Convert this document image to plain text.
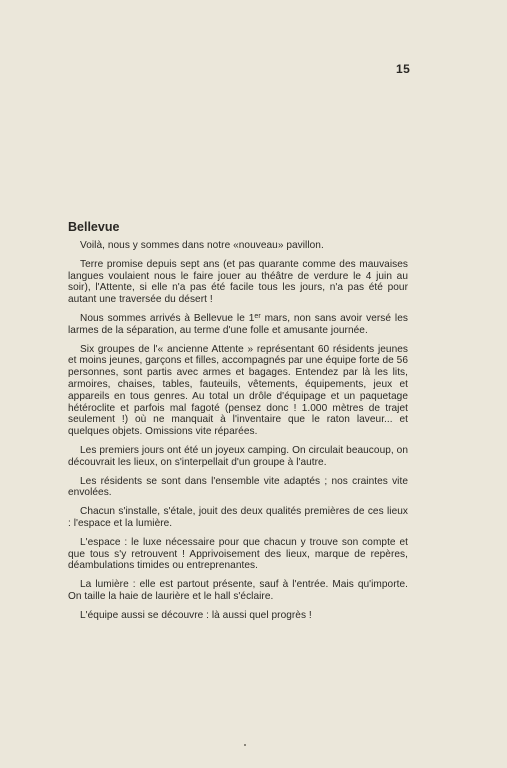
15
Bellevue

Voilà, nous y sommes dans notre «nouveau» pavillon.

Terre promise depuis sept ans (et pas quarante comme des mauvaises langues voulaient nous le faire jouer au théâtre de verdure le 4 juin au soir), l'Attente, si elle n'a pas été facile tous les jours, n'a pas été pour autant une traversée du désert !

Nous sommes arrivés à Bellevue le 1er mars, non sans avoir versé les larmes de la séparation, au terme d'une folle et amusante journée.

Six groupes de l'« ancienne Attente » représentant 60 résidents jeunes et moins jeunes, garçons et filles, accompagnés par une équipe forte de 56 personnes, sont partis avec armes et bagages. Entendez par là les lits, armoires, chaises, tables, fauteuils, vêtements, équipements, jeux et appareils en tous genres. Au total un drôle d'équipage et un paquetage hétéroclite et parfois mal fagoté (pensez donc ! 1.000 mètres de trajet seulement !) où ne manquait à l'inventaire que le raton laveur... et quelques objets. Omissions vite réparées.

Les premiers jours ont été un joyeux camping. On circulait beaucoup, on découvrait les lieux, on s'interpellait d'un groupe à l'autre.

Les résidents se sont dans l'ensemble vite adaptés ; nos craintes vite envolées.

Chacun s'installe, s'étale, jouit des deux qualités premières de ces lieux : l'espace et la lumière.

L'espace : le luxe nécessaire pour que chacun y trouve son compte et que tous s'y retrouvent ! Apprivoisement des lieux, marque de repères, déambulations timides ou entreprenantes.

La lumière : elle est partout présente, sauf à l'entrée. Mais qu'importe. On taille la haie de laurière et le hall s'éclaire.

L'équipe aussi se découvre : là aussi quel progrès !
